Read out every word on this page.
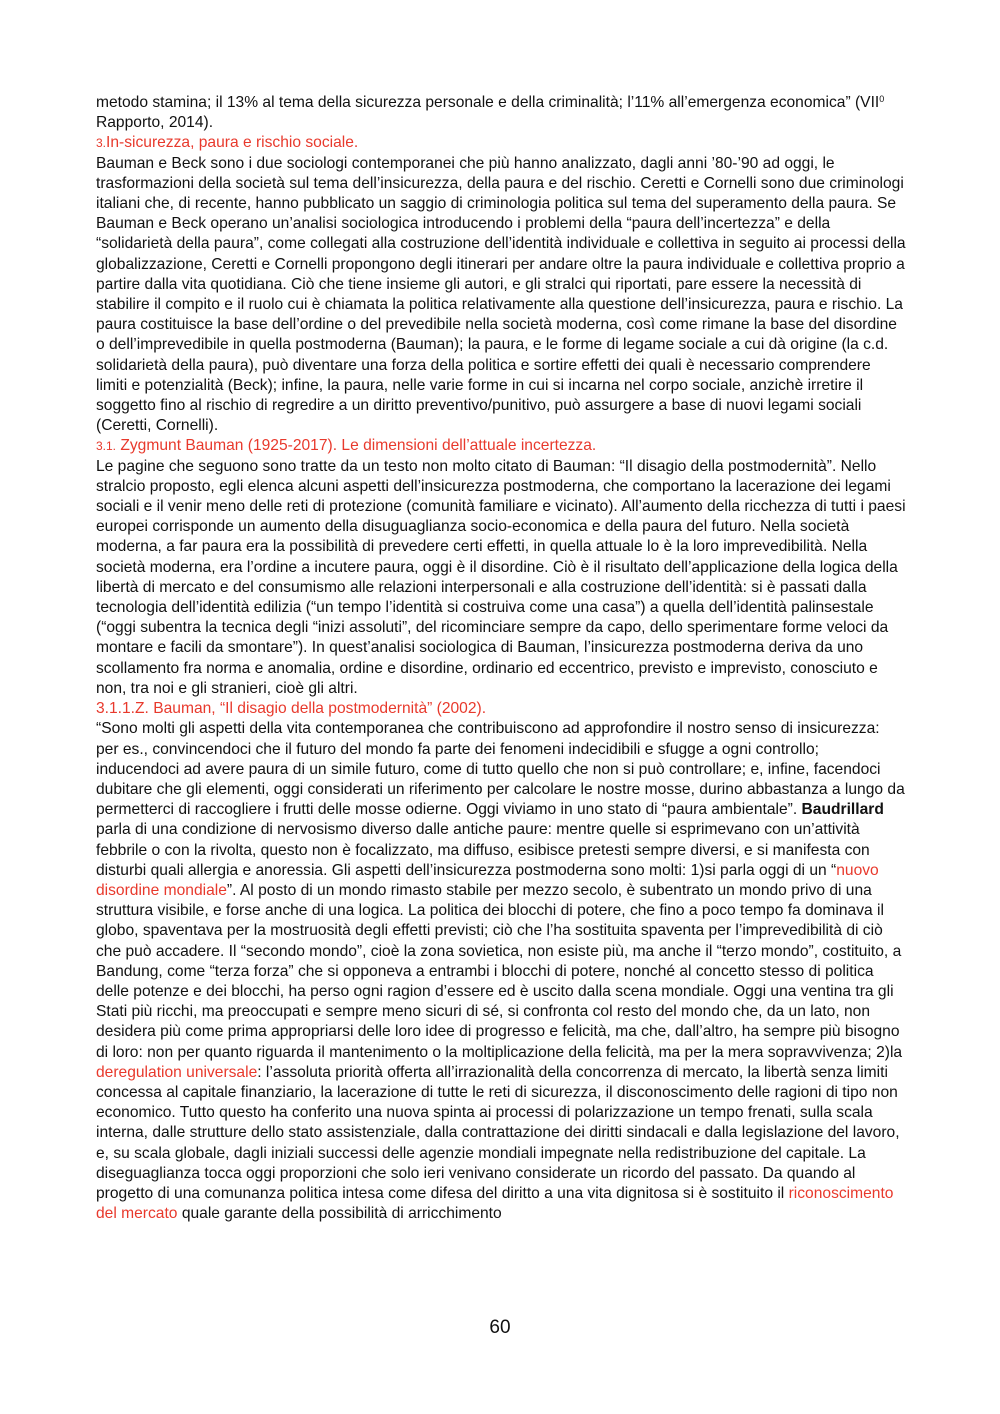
metodo stamina; il 13% al tema della sicurezza personale e della criminalità; l’11% all’emergenza economica” (VII$^0$ Rapporto, 2014).

3.In-sicurezza, paura e rischio sociale.

Bauman e Beck sono i due sociologi contemporanei che più hanno analizzato, dagli anni ’80-’90 ad oggi, le trasformazioni della società sul tema dell’insicurezza, della paura e del rischio. Ceretti e Cornelli sono due criminologi italiani che, di recente, hanno pubblicato un saggio di criminologia politica sul tema del superamento della paura. Se Bauman e Beck operano un’analisi sociologica introducendo i problemi della “paura dell’incertezza” e della “solidarietà della paura”, come collegati alla costruzione dell’identità individuale e collettiva in seguito ai processi della globalizzazione, Ceretti e Cornelli propongono degli itinerari per andare oltre la paura individuale e collettiva proprio a partire dalla vita quotidiana. Ciò che tiene insieme gli autori, e gli stralci qui riportati, pare essere la necessità di stabilire il compito e il ruolo cui è chiamata la politica relativamente alla questione dell’insicurezza, paura e rischio. La paura costituisce la base dell’ordine o del prevedibile nella società moderna, così come rimane la base del disordine o dell’imprevedibile in quella postmoderna (Bauman); la paura, e le forme di legame sociale a cui dà origine (la c.d. solidarietà della paura), può diventare una forza della politica e sortire effetti dei quali è necessario comprendere limiti e potenzialità (Beck); infine, la paura, nelle varie forme in cui si incarna nel corpo sociale, anzichè irretire il soggetto fino al rischio di regredire a un diritto preventivo/punitivo, può assurgere a base di nuovi legami sociali (Ceretti, Cornelli).

3.1. Zygmunt Bauman (1925-2017). Le dimensioni dell’attuale incertezza.

Le pagine che seguono sono tratte da un testo non molto citato di Bauman: “Il disagio della postmodernità”. Nello stralcio proposto, egli elenca alcuni aspetti dell’insicurezza postmoderna, che comportano la lacerazione dei legami sociali e il venir meno delle reti di protezione (comunità familiare e vicinato). All’aumento della ricchezza di tutti i paesi europei corrisponde un aumento della disuguaglianza socio-economica e della paura del futuro. Nella società moderna, a far paura era la possibilità di prevedere certi effetti, in quella attuale lo è la loro imprevedibilità. Nella società moderna, era l’ordine a incutere paura, oggi è il disordine. Ciò è il risultato dell’applicazione della logica della libertà di mercato e del consumismo alle relazioni interpersonali e alla costruzione dell’identità: si è passati dalla tecnologia dell’identità edilizia (“un tempo l’identità si costruiva come una casa”) a quella dell’identità palinsestale (“oggi subentra la tecnica degli “inizi assoluti”, del ricominciare sempre da capo, dello sperimentare forme veloci da montare e facili da smontare”). In quest’analisi sociologica di Bauman, l’insicurezza postmoderna deriva da uno scollamento fra norma e anomalia, ordine e disordine, ordinario ed eccentrico, previsto e imprevisto, conosciuto e non, tra noi e gli stranieri, cioè gli altri.

3.1.1.Z. Bauman, “Il disagio della postmodernità” (2002).

“Sono molti gli aspetti della vita contemporanea che contribuiscono ad approfondire il nostro senso di insicurezza: per es., convincendoci che il futuro del mondo fa parte dei fenomeni indecidibili e sfugge a ogni controllo; inducendoci ad avere paura di un simile futuro, come di tutto quello che non si può controllare; e, infine, facendoci dubitare che gli elementi, oggi considerati un riferimento per calcolare le nostre mosse, durino abbastanza a lungo da permetterci di raccogliere i frutti delle mosse odierne. Oggi viviamo in uno stato di “paura ambientale”. Baudrillard parla di una condizione di nervosismo diverso dalle antiche paure: mentre quelle si esprimevano con un’attività febbrile o con la rivolta, questo non è focalizzato, ma diffuso, esibisce pretesti sempre diversi, e si manifesta con disturbi quali allergia e anoressia. Gli aspetti dell’insicurezza postmoderna sono molti: 1)si parla oggi di un “nuovo disordine mondiale”. Al posto di un mondo rimasto stabile per mezzo secolo, è subentrato un mondo privo di una struttura visibile, e forse anche di una logica. La politica dei blocchi di potere, che fino a poco tempo fa dominava il globo, spaventava per la mostruosità degli effetti previsti; ciò che l’ha sostituita spaventa per l’imprevedibilità di ciò che può accadere. Il “secondo mondo”, cioè la zona sovietica, non esiste più, ma anche il “terzo mondo”, costituito, a Bandung, come “terza forza” che si opponeva a entrambi i blocchi di potere, nonché al concetto stesso di politica delle potenze e dei blocchi, ha perso ogni ragion d’essere ed è uscito dalla scena mondiale. Oggi una ventina tra gli Stati più ricchi, ma preoccupati e sempre meno sicuri di sé, si confronta col resto del mondo che, da un lato, non desidera più come prima appropriarsi delle loro idee di progresso e felicità, ma che, dall’altro, ha sempre più bisogno di loro: non per quanto riguarda il mantenimento o la moltiplicazione della felicità, ma per la mera sopravvivenza; 2)la deregulation universale: l’assoluta priorità offerta all’irrazionalità della concorrenza di mercato, la libertà senza limiti concessa al capitale finanziario, la lacerazione di tutte le reti di sicurezza, il disconoscimento delle ragioni di tipo non economico. Tutto questo ha conferito una nuova spinta ai processi di polarizzazione un tempo frenati, sulla scala interna, dalle strutture dello stato assistenziale, dalla contrattazione dei diritti sindacali e dalla legislazione del lavoro, e, su scala globale, dagli iniziali successi delle agenzie mondiali impegnate nella redistribuzione del capitale. La diseguaglianza tocca oggi proporzioni che solo ieri venivano considerate un ricordo del passato. Da quando al progetto di una comunanza politica intesa come difesa del diritto a una vita dignitosa si è sostituito il riconoscimento del mercato quale garante della possibilità di arricchimento

60
